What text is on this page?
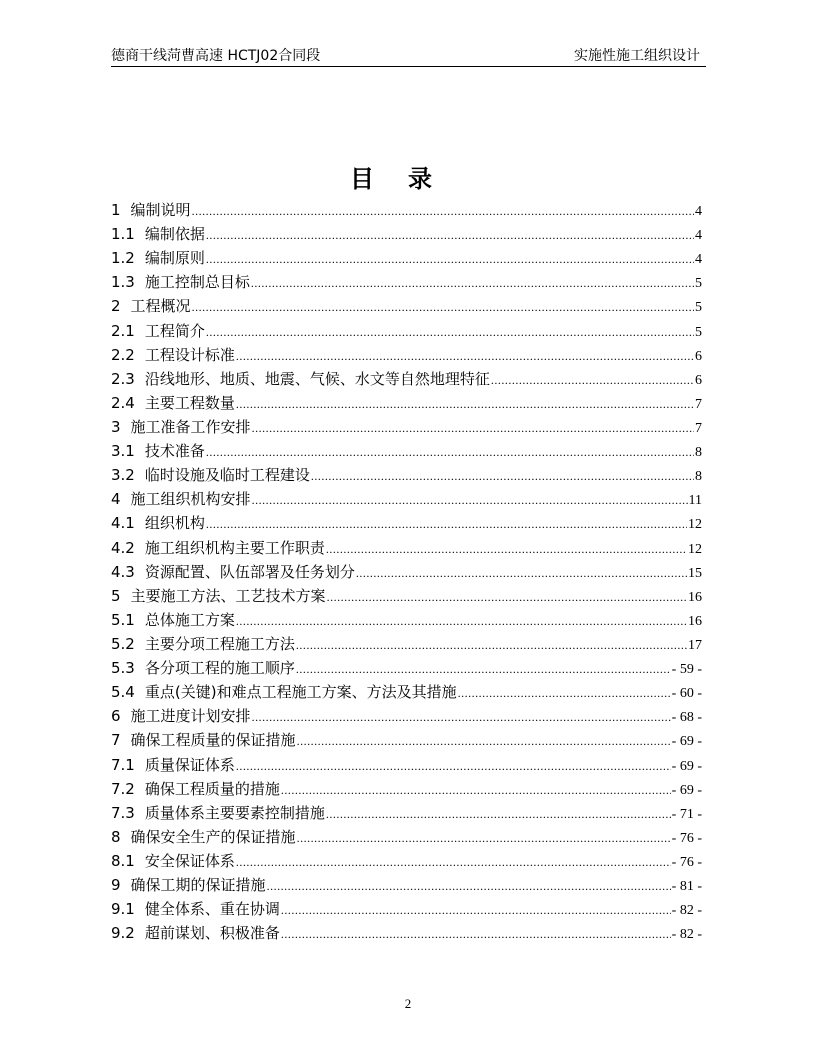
德商干线菏曹高速 HCTJ02合同段	实施性施工组织设计
目录
1 编制说明 .....	4
1.1 编制依据 .....	4
1.2 编制原则 .....	4
1.3 施工控制总目标 .....	5
2 工程概况 .....	5
2.1 工程简介 .....	5
2.2 工程设计标准 .....	6
2.3 沿线地形、地质、地震、气候、水文等自然地理特征 .....	6
2.4 主要工程数量 .....	7
3 施工准备工作安排 .....	7
3.1 技术准备 .....	8
3.2 临时设施及临时工程建设 .....	8
4 施工组织机构安排 .....	11
4.1 组织机构 .....	12
4.2 施工组织机构主要工作职责 .....	12
4.3 资源配置、队伍部署及任务划分 .....	15
5 主要施工方法、工艺技术方案 .....	16
5.1 总体施工方案 .....	16
5.2 主要分项工程施工方法 .....	17
5.3 各分项工程的施工顺序 .....	- 59 -
5.4 重点(关键)和难点工程施工方案、方法及其措施 .....	- 60 -
6 施工进度计划安排 .....	- 68 -
7 确保工程质量的保证措施 .....	- 69 -
7.1 质量保证体系 .....	- 69 -
7.2 确保工程质量的措施 .....	- 69 -
7.3 质量体系主要要素控制措施 .....	- 71 -
8 确保安全生产的保证措施 .....	- 76 -
8.1 安全保证体系 .....	- 76 -
9 确保工期的保证措施 .....	- 81 -
9.1 健全体系、重在协调 .....	- 82 -
9.2 超前谋划、积极准备 .....	- 82 -
2
